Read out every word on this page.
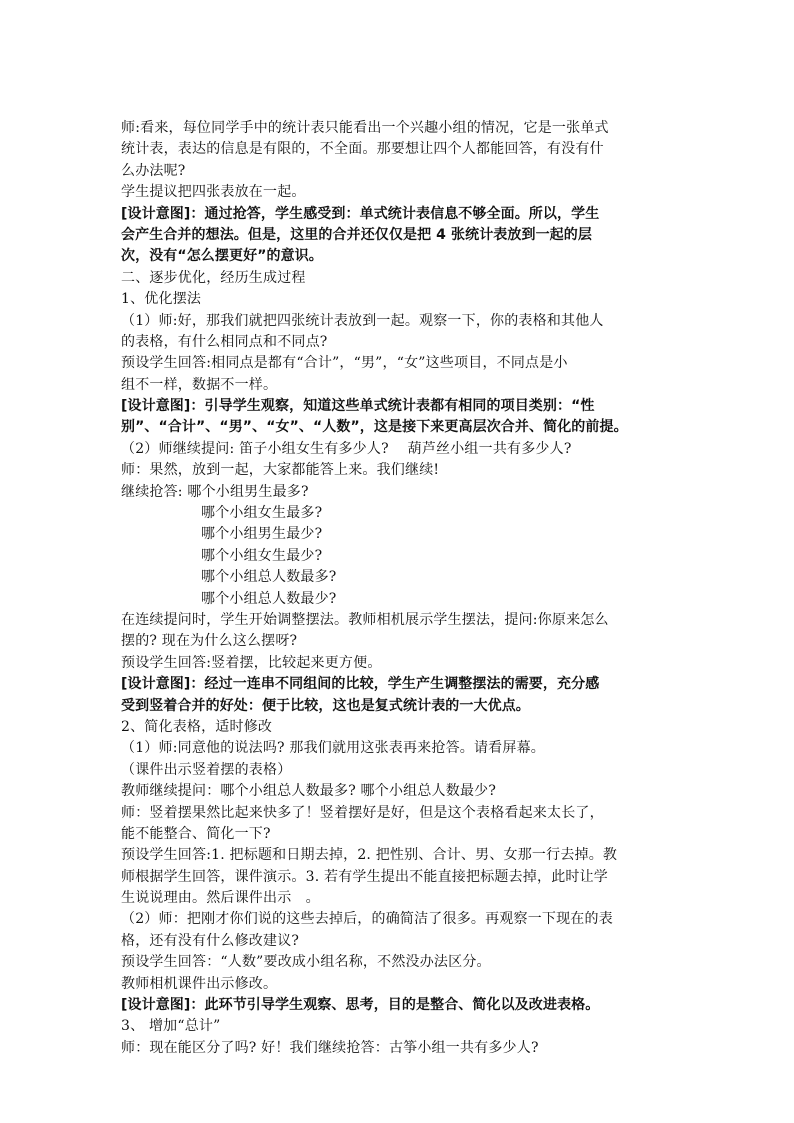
师:看来，每位同学手中的统计表只能看出一个兴趣小组的情况，它是一张单式
统计表，表达的信息是有限的，不全面。那要想让四个人都能回答，有没有什
么办法呢?
学生提议把四张表放在一起。
[设计意图]：通过抢答，学生感受到：单式统计表信息不够全面。所以，学生
会产生合并的想法。但是，这里的合并还仅仅是把 4 张统计表放到一起的层
次，没有“怎么摆更好”的意识。
二、逐步优化，经历生成过程
1、优化摆法
（1）师:好，那我们就把四张统计表放到一起。观察一下，你的表格和其他人
的表格，有什么相同点和不同点?
预设学生回答:相同点是都有“合计”，“男”，“女”这些项目，不同点是小
组不一样，数据不一样。
[设计意图]：引导学生观察，知道这些单式统计表都有相同的项目类别：“性
别”、“合计”、“男”、“女”、“人数”，这是接下来更高层次合并、简化的前提。
（2）师继续提问: 笛子小组女生有多少人?　 葫芦丝小组一共有多少人?
师：果然，放到一起，大家都能答上来。我们继续!
继续抢答: 哪个小组男生最多?
哪个小组女生最多?
哪个小组男生最少?
哪个小组女生最少?
哪个小组总人数最多?
哪个小组总人数最少?
在连续提问时，学生开始调整摆法。教师相机展示学生摆法，提问:你原来怎么
摆的? 现在为什么这么摆呀?
预设学生回答:竖着摆，比较起来更方便。
[设计意图]：经过一连串不同组间的比较，学生产生调整摆法的需要，充分感
受到竖着合并的好处：便于比较，这也是复式统计表的一大优点。
2、简化表格，适时修改
（1）师:同意他的说法吗? 那我们就用这张表再来抢答。请看屏幕。
（课件出示竖着摆的表格）
教师继续提问：哪个小组总人数最多? 哪个小组总人数最少?
师：竖着摆果然比起来快多了！竖着摆好是好，但是这个表格看起来太长了，
能不能整合、简化一下?
预设学生回答:1. 把标题和日期去掉，2. 把性别、合计、男、女那一行去掉。教
师根据学生回答，课件演示。3. 若有学生提出不能直接把标题去掉，此时让学
生说说理由。然后课件出示　。
（2）师：把刚才你们说的这些去掉后，的确简洁了很多。再观察一下现在的表
格，还有没有什么修改建议?
预设学生回答：“人数”要改成小组名称，不然没办法区分。
教师相机课件出示修改。
[设计意图]：此环节引导学生观察、思考，目的是整合、简化以及改进表格。
3、 增加“总计”
师：现在能区分了吗? 好！我们继续抢答：古筝小组一共有多少人?
